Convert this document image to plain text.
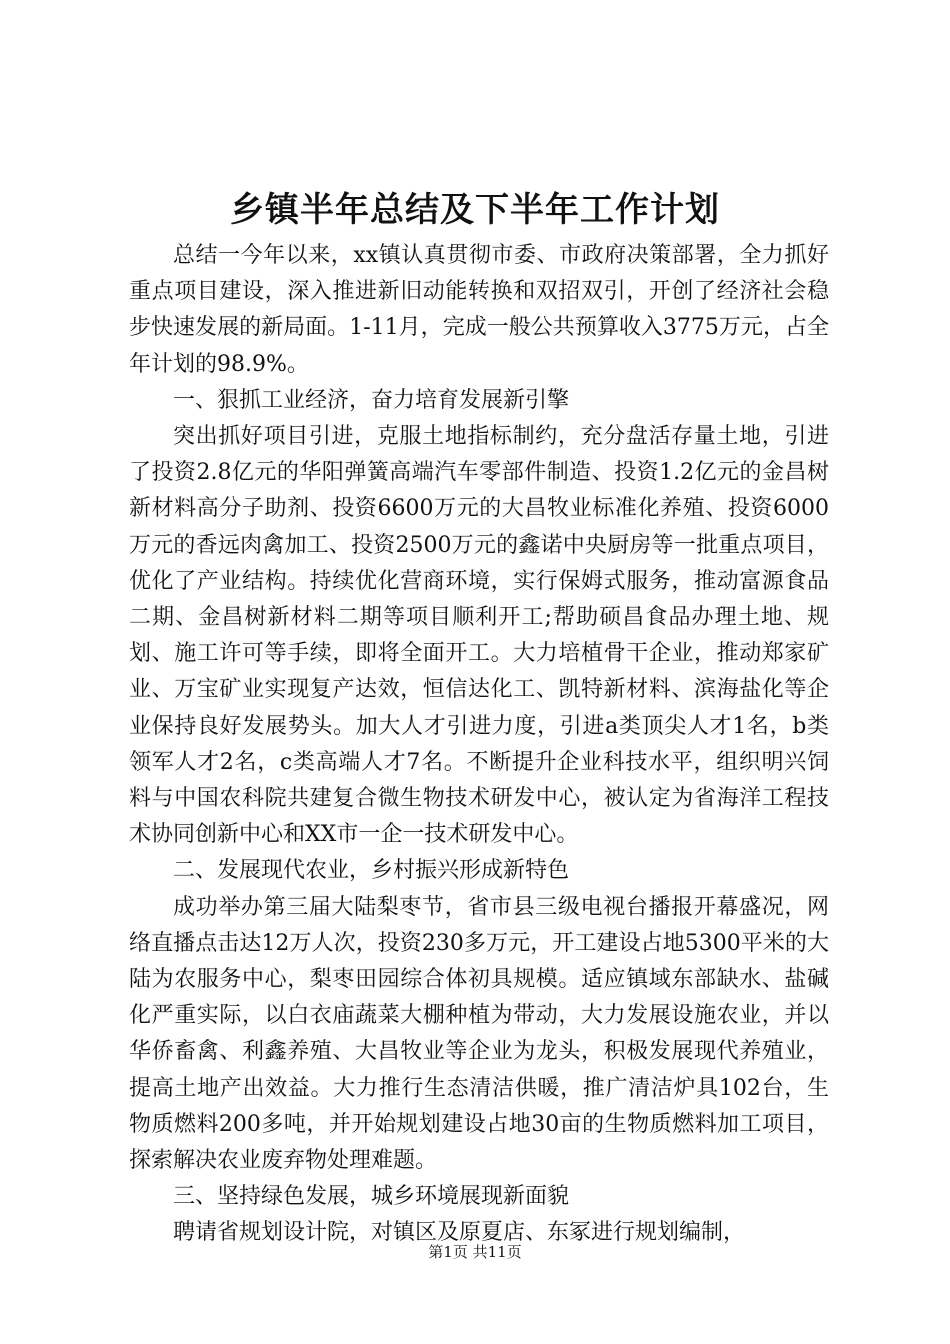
乡镇半年总结及下半年工作计划

总结一今年以来，xx镇认真贯彻市委、市政府决策部署，全力抓好重点项目建设，深入推进新旧动能转换和双招双引，开创了经济社会稳步快速发展的新局面。1-11月，完成一般公共预算收入3775万元，占全年计划的98.9%。

一、狠抓工业经济，奋力培育发展新引擎

突出抓好项目引进，克服土地指标制约，充分盘活存量土地，引进了投资2.8亿元的华阳弹簧高端汽车零部件制造、投资1.2亿元的金昌树新材料高分子助剂、投资6600万元的大昌牧业标准化养殖、投资6000万元的香远肉禽加工、投资2500万元的鑫诺中央厨房等一批重点项目，优化了产业结构。持续优化营商环境，实行保姆式服务，推动富源食品二期、金昌树新材料二期等项目顺利开工;帮助硕昌食品办理土地、规划、施工许可等手续，即将全面开工。大力培植骨干企业，推动郑家矿业、万宝矿业实现复产达效，恒信达化工、凯特新材料、滨海盐化等企业保持良好发展势头。加大人才引进力度，引进a类顶尖人才1名，b类领军人才2名，c类高端人才7名。不断提升企业科技水平，组织明兴饲料与中国农科院共建复合微生物技术研发中心，被认定为省海洋工程技术协同创新中心和XX市一企一技术研发中心。

二、发展现代农业，乡村振兴形成新特色

成功举办第三届大陆梨枣节，省市县三级电视台播报开幕盛况，网络直播点击达12万人次，投资230多万元，开工建设占地5300平米的大陆为农服务中心，梨枣田园综合体初具规模。适应镇域东部缺水、盐碱化严重实际，以白衣庙蔬菜大棚种植为带动，大力发展设施农业，并以华侨畜禽、利鑫养殖、大昌牧业等企业为龙头，积极发展现代养殖业，提高土地产出效益。大力推行生态清洁供暖，推广清洁炉具102台，生物质燃料200多吨，并开始规划建设占地30亩的生物质燃料加工项目，探索解决农业废弃物处理难题。

三、坚持绿色发展，城乡环境展现新面貌

聘请省规划设计院，对镇区及原夏店、东冢进行规划编制，

第1页 共11页
